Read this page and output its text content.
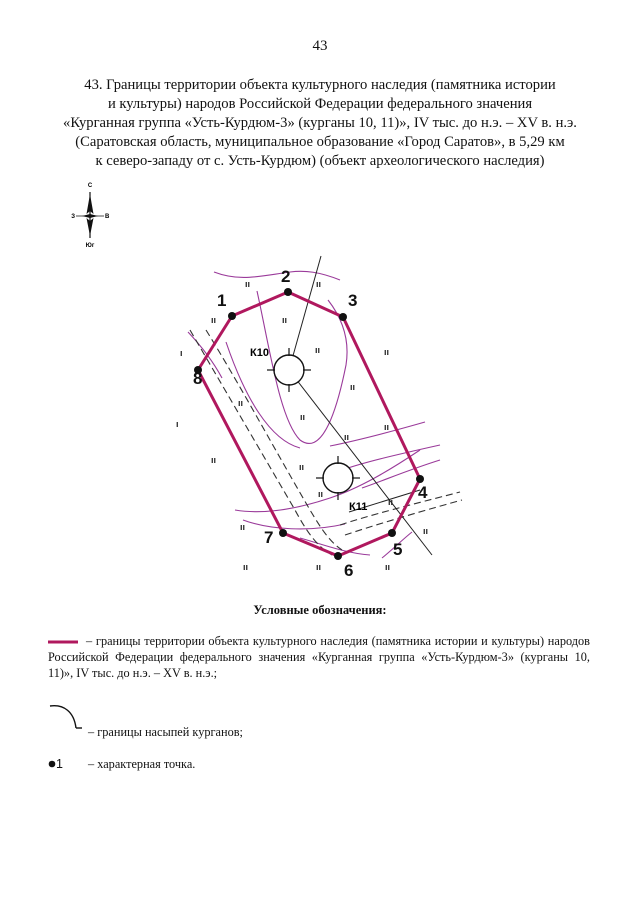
43
43. Границы территории объекта культурного наследия (памятника истории
и культуры) народов Российской Федерации федерального значения
«Курганная группа «Усть-Курдюм-3» (курганы 10, 11)», IV тыс. до н.э. – XV в. н.э.
(Саратовская область, муниципальное образование «Город Саратов», в 5,29 км
к северо-западу от с. Усть-Курдюм) (объект археологического наследия)
С
З	В
Юг
К10
К11
1
2
3
4
5
6
7
8
ıı	ıı
ıı	ıı
ıı	ıı
ı
ıı
ıı
ıı
ı
ıı
ıı
ıı
ıı
ıı
ıı
ıı	ıı
ıı	ıı	ıı
Условные обозначения:
– границы территории объекта культурного наследия (памятника истории и культуры) народов Российской Федерации федерального значения «Курганная группа «Усть-Курдюм-3» (курганы 10, 11)», IV тыс. до н.э. – XV в. н.э.;
– границы насыпей курганов;
1 – характерная точка.
